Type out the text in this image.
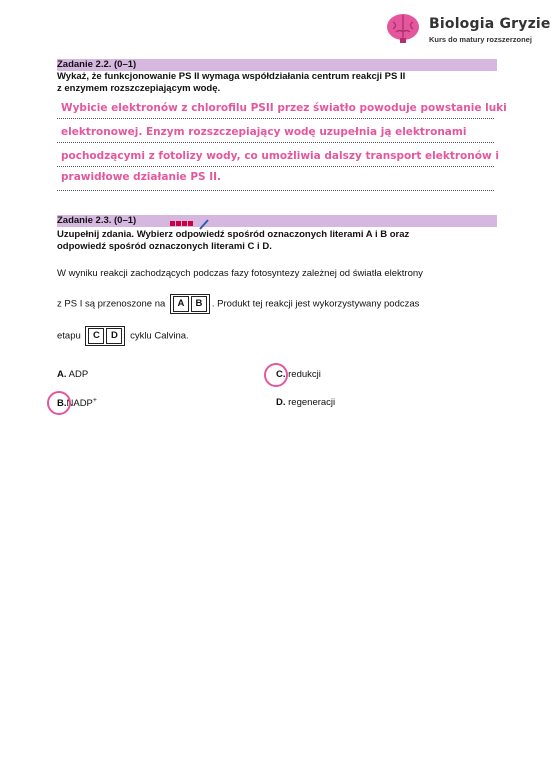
Biologia Gryzie
Kurs do matury rozszerzonej
Zadanie 2.2. (0–1)
Wykaż, że funkcjonowanie PS II wymaga współdziałania centrum reakcji PS II
z enzymem rozszczepiającym wodę.
Wybicie elektronów z chlorofilu PSII przez światło powoduje powstanie luki
elektronowej. Enzym rozszczepiający wodę uzupełnia ją elektronami
pochodzącymi z fotolizy wody, co umożliwia dalszy transport elektronów i
prawidłowe działanie PS II.
Zadanie 2.3. (0–1)

Uzupełnij zdania. Wybierz odpowiedź spośród oznaczonych literami A i B oraz
odpowiedź spośród oznaczonych literami C i D.
W wyniku reakcji zachodzących podczas fazy fotosyntezy zależnej od światła elektrony
z PS I są przenoszone na A B . Produkt tej reakcji jest wykorzystywany podczas
etapu C D cyklu Calvina.
A. ADP	C. redukcji
B.NADP+	D. regeneracji
